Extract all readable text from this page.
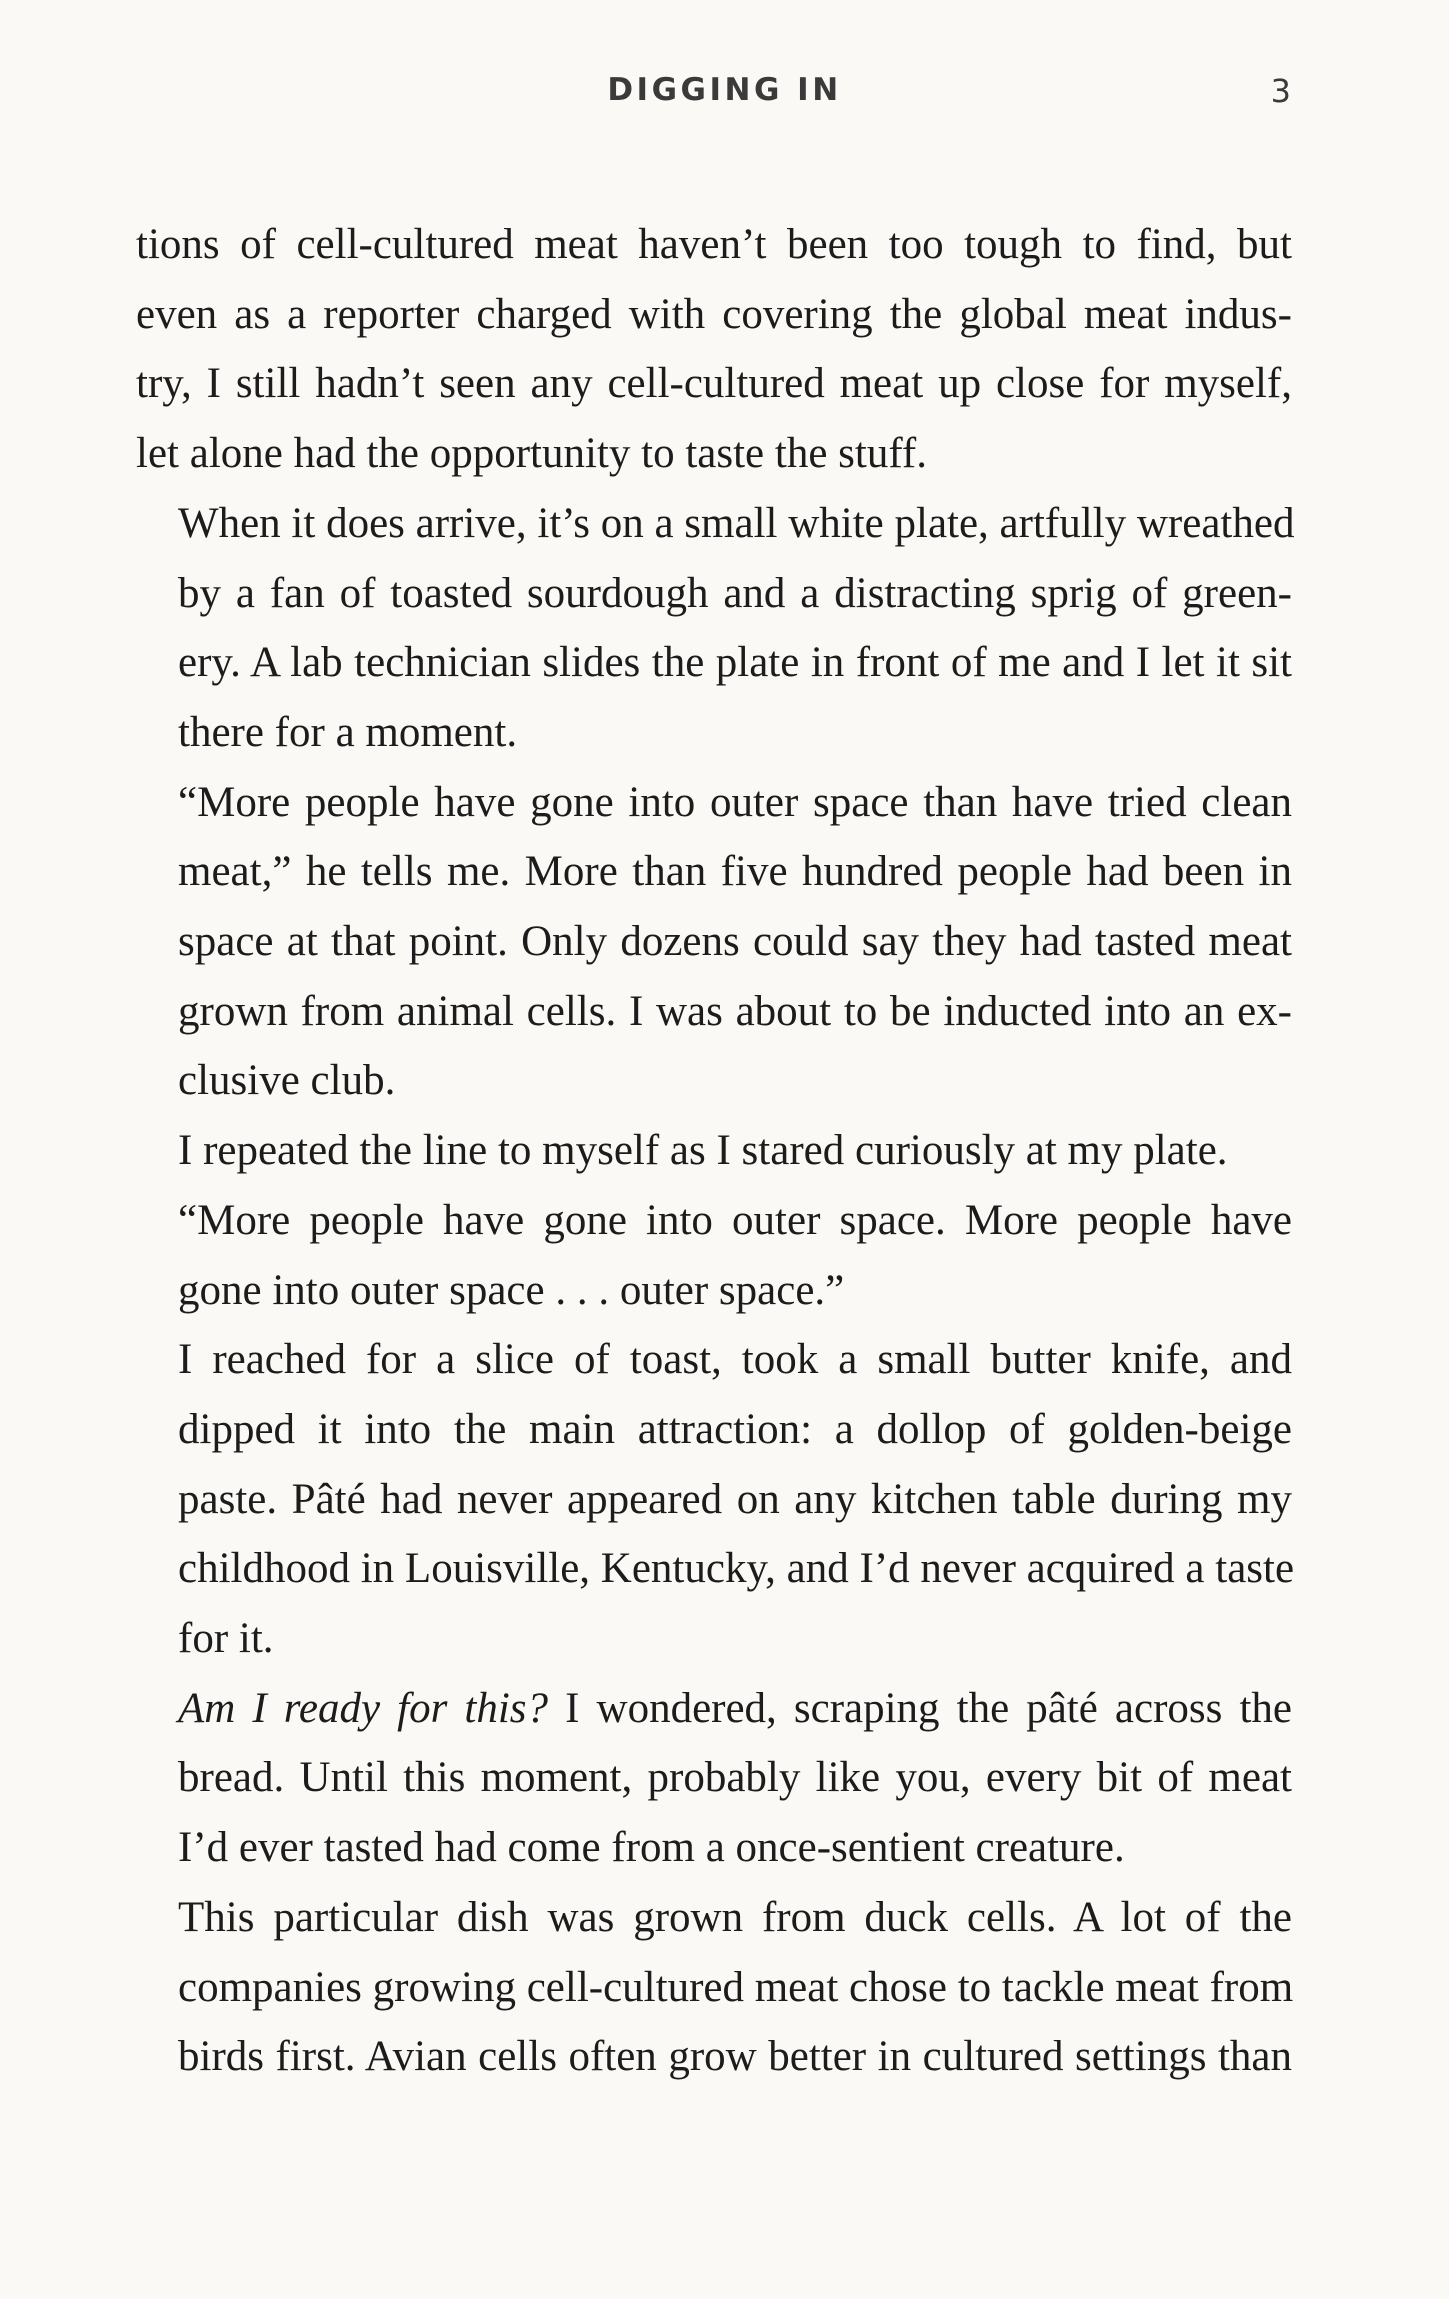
DIGGING IN	3

tions of cell-cultured meat haven’t been too tough to find, but
even as a reporter charged with covering the global meat indus-
try, I still hadn’t seen any cell-cultured meat up close for myself,
let alone had the opportunity to taste the stuff.

When it does arrive, it’s on a small white plate, artfully wreathed
by a fan of toasted sourdough and a distracting sprig of green-
ery. A lab technician slides the plate in front of me and I let it sit
there for a moment.

“More people have gone into outer space than have tried clean
meat,” he tells me. More than five hundred people had been in
space at that point. Only dozens could say they had tasted meat
grown from animal cells. I was about to be inducted into an ex-
clusive club.

I repeated the line to myself as I stared curiously at my plate.

“More people have gone into outer space. More people have
gone into outer space . . . outer space.”

I reached for a slice of toast, took a small butter knife, and
dipped it into the main attraction: a dollop of golden-beige
paste. Pâté had never appeared on any kitchen table during my
childhood in Louisville, Kentucky, and I’d never acquired a taste
for it.

Am I ready for this? I wondered, scraping the pâté across the
bread. Until this moment, probably like you, every bit of meat
I’d ever tasted had come from a once-sentient creature.

This particular dish was grown from duck cells. A lot of the
companies growing cell-cultured meat chose to tackle meat from
birds first. Avian cells often grow better in cultured settings than
